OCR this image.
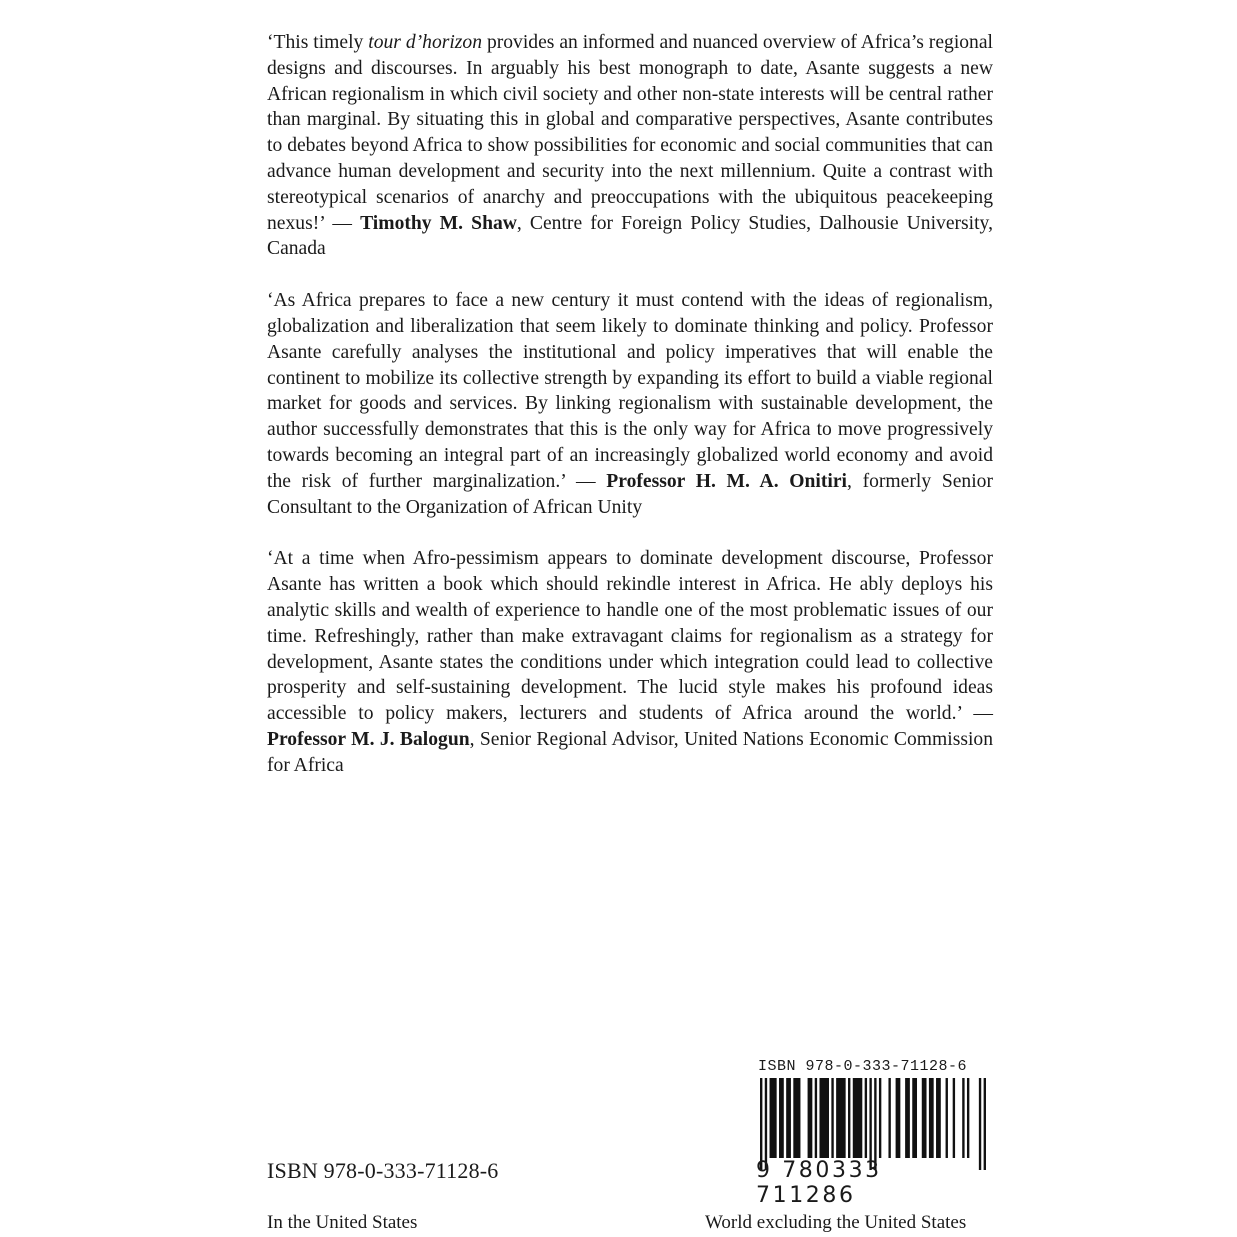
‘This timely tour d’horizon provides an informed and nuanced overview of Africa’s regional designs and discourses. In arguably his best monograph to date, Asante suggests a new African regionalism in which civil society and other non-state interests will be central rather than marginal. By situating this in global and comparative perspectives, Asante contributes to debates beyond Africa to show possibilities for economic and social communities that can advance human development and security into the next millennium. Quite a contrast with stereotypical scenarios of anarchy and preoccupations with the ubiquitous peacekeeping nexus!’ — Timothy M. Shaw, Centre for Foreign Policy Studies, Dalhousie University, Canada

‘As Africa prepares to face a new century it must contend with the ideas of regionalism, globalization and liberalization that seem likely to dominate thinking and policy. Professor Asante carefully analyses the institutional and policy imperatives that will enable the continent to mobilize its collective strength by expanding its effort to build a viable regional market for goods and services. By linking regionalism with sustainable development, the author successfully demonstrates that this is the only way for Africa to move progressively towards becoming an integral part of an increasingly globalized world economy and avoid the risk of further marginalization.’ — Professor H. M. A. Onitiri, formerly Senior Consultant to the Organization of African Unity

‘At a time when Afro-pessimism appears to dominate development discourse, Professor Asante has written a book which should rekindle interest in Africa. He ably deploys his analytic skills and wealth of experience to handle one of the most problematic issues of our time. Refreshingly, rather than make extravagant claims for regionalism as a strategy for development, Asante states the conditions under which integration could lead to collective prosperity and self-sustaining development. The lucid style makes his profound ideas accessible to policy makers, lecturers and students of Africa around the world.’ — Professor M. J. Balogun, Senior Regional Advisor, United Nations Economic Commission for Africa

ISBN 978-0-333-71128-6
9 780333 711286
ISBN 978-0-333-71128-6
In the United States	World excluding the United States
